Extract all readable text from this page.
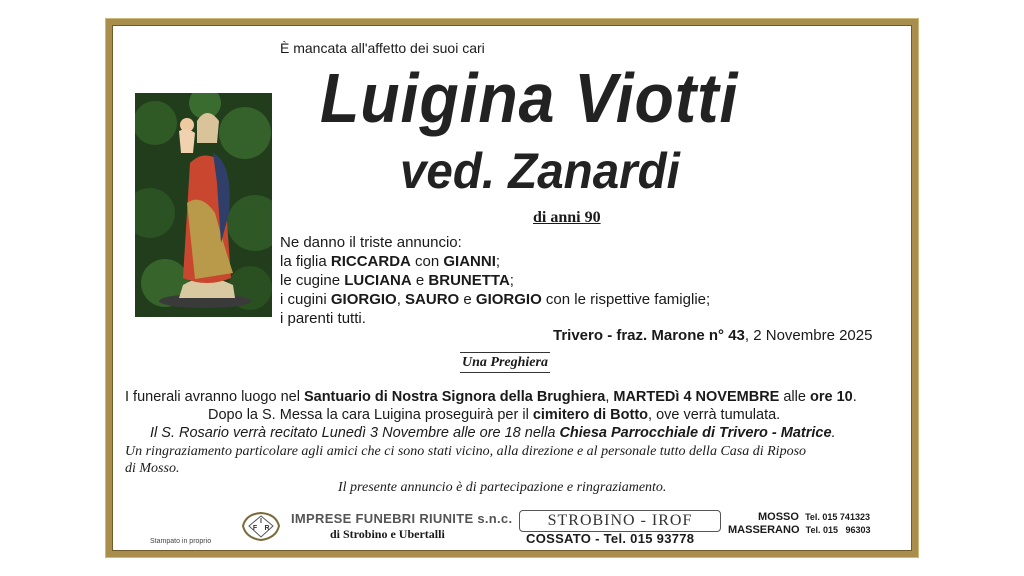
È mancata all'affetto dei suoi cari
Luigina Viotti
ved. Zanardi
di anni 90
Ne danno il triste annuncio:
la figlia RICCARDA con GIANNI;
le cugine LUCIANA e BRUNETTA;
i cugini GIORGIO, SAURO e GIORGIO con le rispettive famiglie;
i parenti tutti.
Trivero - fraz. Marone n° 43, 2 Novembre 2025
Una Preghiera
I funerali avranno luogo nel Santuario di Nostra Signora della Brughiera, MARTEDì 4 NOVEMBRE alle ore 10.
Dopo la S. Messa la cara Luigina proseguirà per il cimitero di Botto, ove verrà tumulata.
Il S. Rosario verrà recitato Lunedì 3 Novembre alle ore 18 nella Chiesa Parrocchiale di Trivero - Matrice.
Un ringraziamento particolare agli amici che ci sono stati vicino, alla direzione e al personale tutto della Casa di Riposo
di Mosso.
Il presente annuncio è di partecipazione e ringraziamento.
I
F R
IMPRESE FUNEBRI RIUNITE s.n.c.
di Strobino e Ubertalli
STROBINO - IROF
COSSATO - Tel. 015 93778
MOSSO Tel. 015 741323
MASSERANO Tel. 015   96303
Stampato in proprio
